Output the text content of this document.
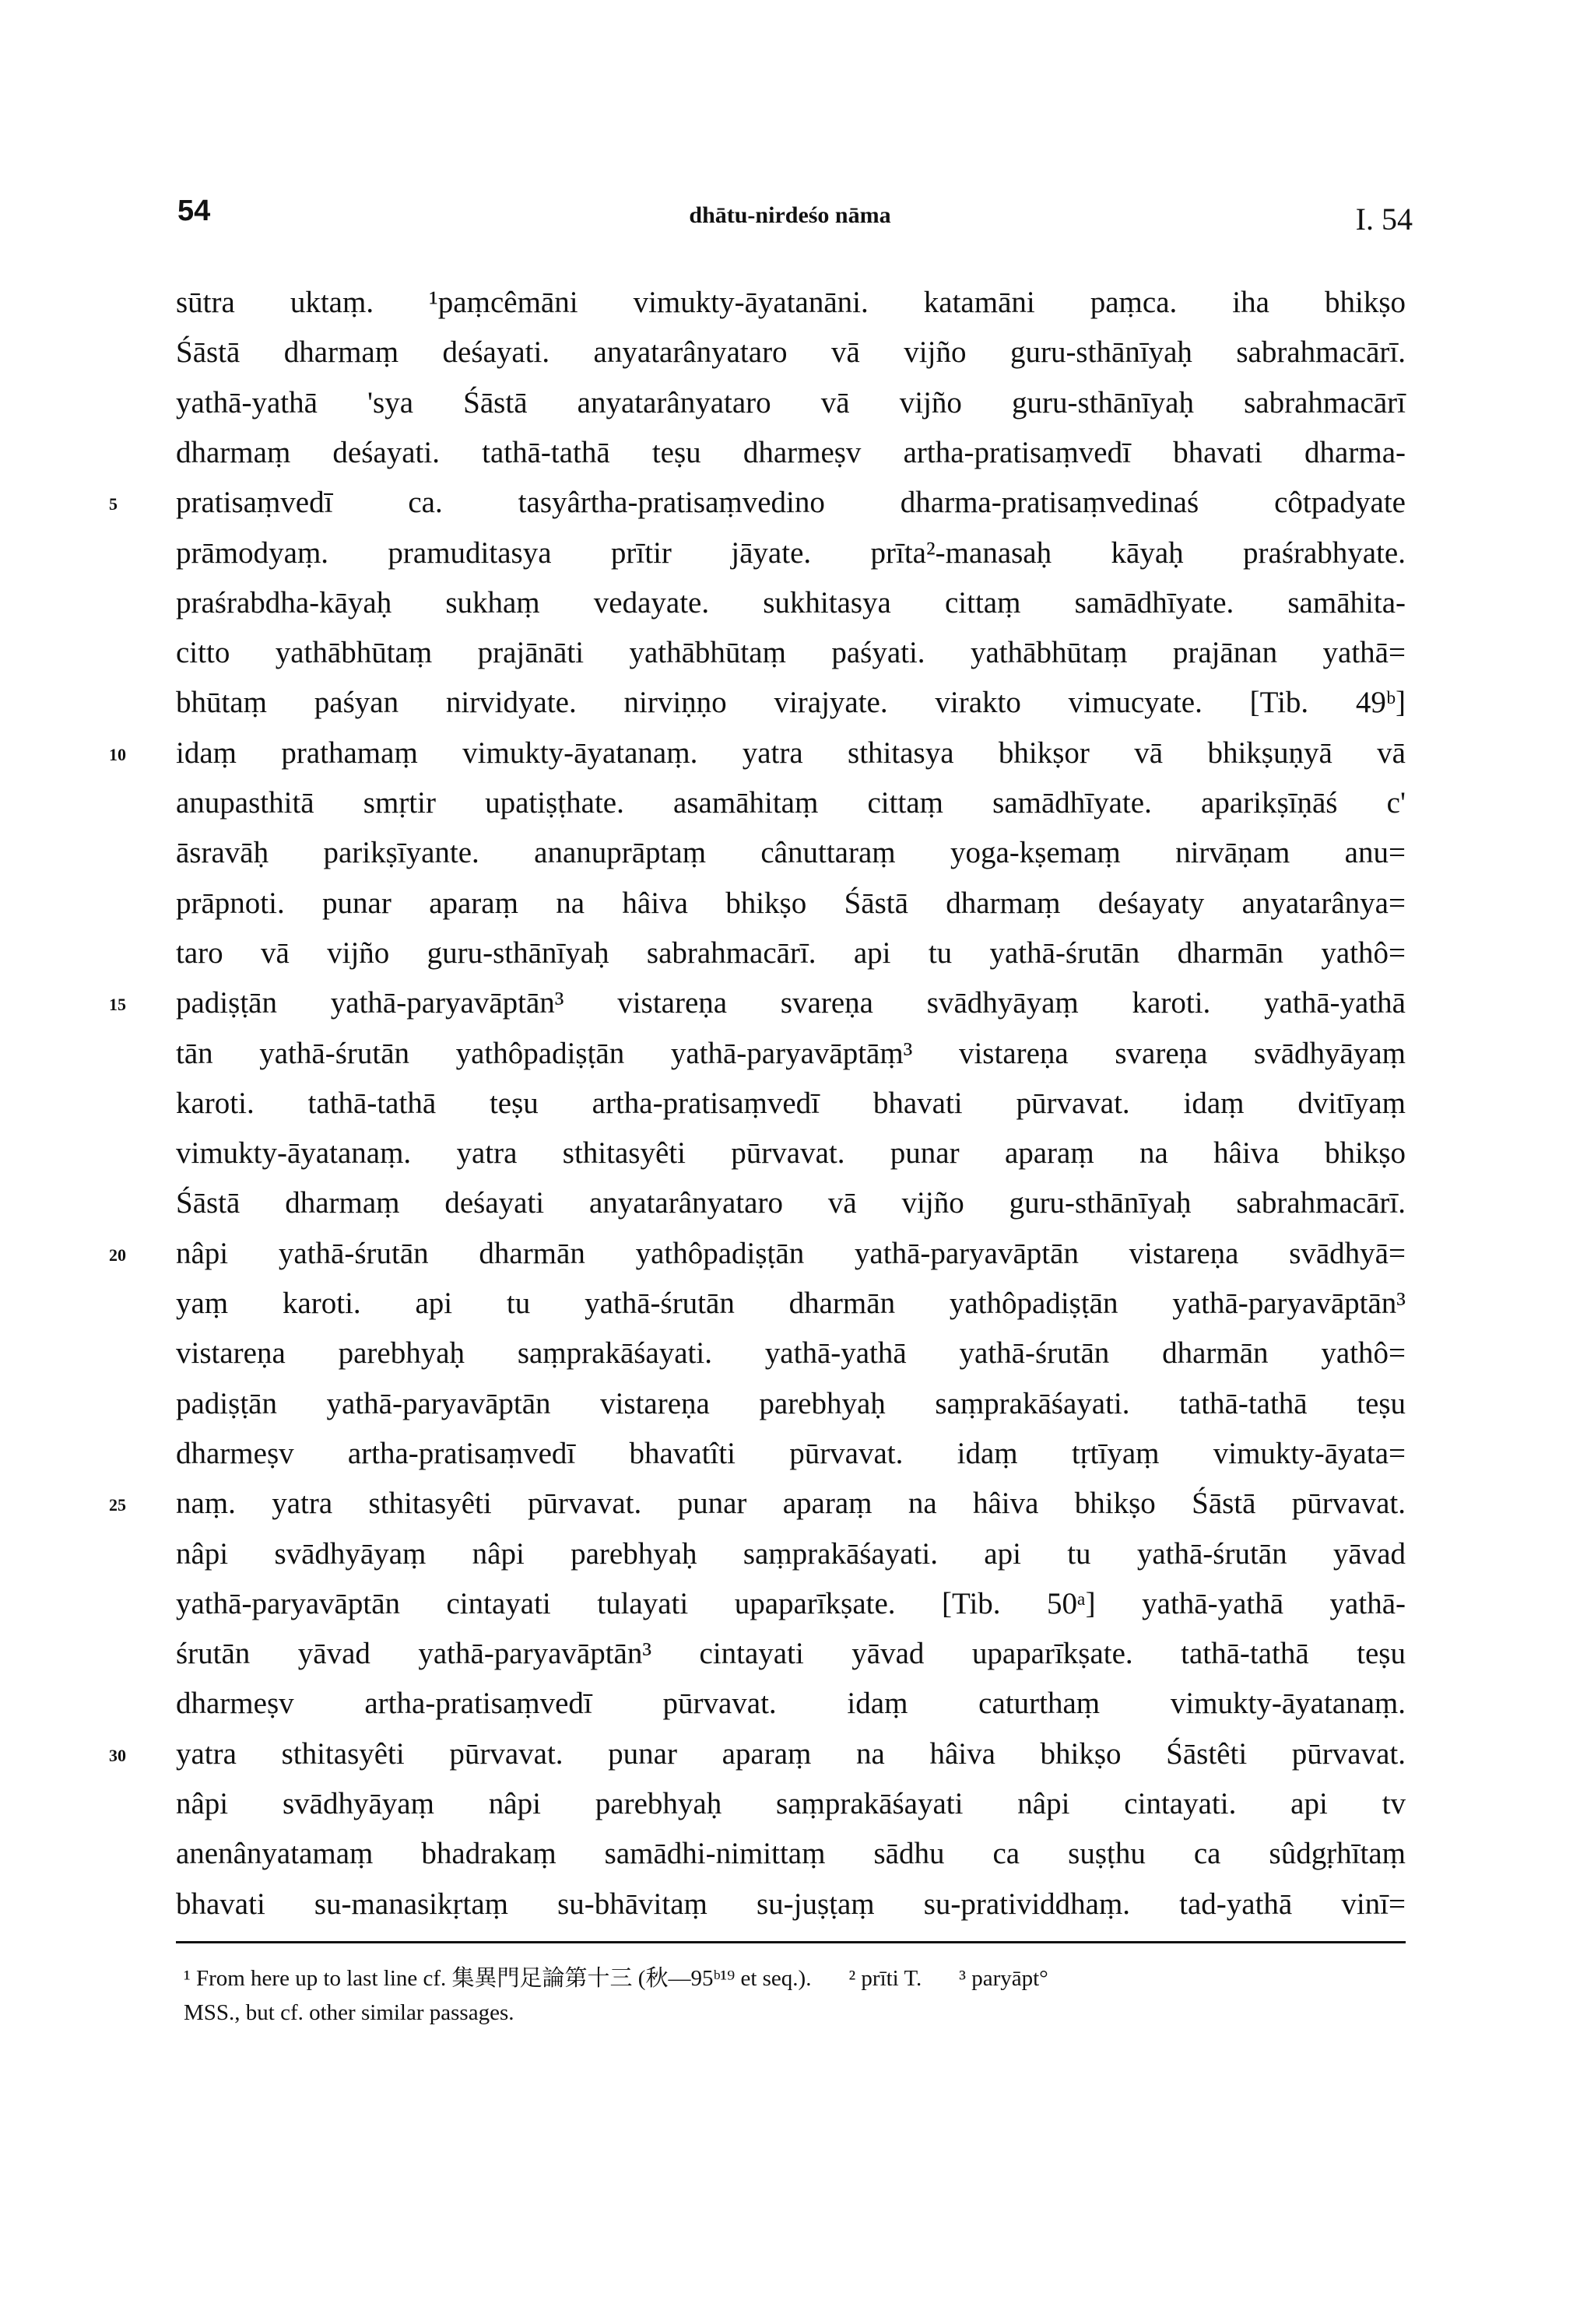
54	dhātu-nirdeśo nāma	I. 54
sūtra uktaṃ. ¹paṃcêmāni vimukty-āyatanāni. katamāni paṃca. iha bhikṣo
Śāstā dharmaṃ deśayati. anyatarânyataro vā vijño guru-sthānīyaḥ sabrahmacārī.
yathā-yathā 'sya Śāstā anyatarânyataro vā vijño guru-sthānīyaḥ sabrahmacārī
dharmaṃ deśayati. tathā-tathā teṣu dharmeṣv artha-pratisaṃvedī bhavati dharma-
pratisaṃvedī ca. tasyârtha-pratisaṃvedino dharma-pratisaṃvedinaś côtpadyate
prāmodyaṃ. pramuditasya prītir jāyate. prīta²-manasaḥ kāyaḥ praśrabhyate.
praśrabdha-kāyaḥ sukhaṃ vedayate. sukhitasya cittaṃ samādhīyate. samāhita-
citto yathābhūtaṃ prajānāti yathābhūtaṃ paśyati. yathābhūtaṃ prajānan yathā=
bhūtaṃ paśyan nirvidyate. nirviṇṇo virajyate. virakto vimucyate. [Tib. 49ᵇ]
idaṃ prathamaṃ vimukty-āyatanaṃ. yatra sthitasya bhikṣor vā bhikṣuṇyā vā
anupasthitā smṛtir upatiṣṭhate. asamāhitaṃ cittaṃ samādhīyate. aparikṣīṇāś c'
āsravāḥ parikṣīyante. ananuprāptaṃ cânuttaraṃ yoga-kṣemaṃ nirvāṇam anu=
prāpnoti. punar aparaṃ na hâiva bhikṣo Śāstā dharmaṃ deśayaty anyatarânya=
taro vā vijño guru-sthānīyaḥ sabrahmacārī. api tu yathā-śrutān dharmān yathô=
padiṣṭān yathā-paryavāptān³ vistareṇa svareṇa svādhyāyaṃ karoti. yathā-yathā
tān yathā-śrutān yathôpadiṣṭān yathā-paryavāptāṃ³ vistareṇa svareṇa svādhyāyaṃ
karoti. tathā-tathā teṣu artha-pratisaṃvedī bhavati pūrvavat. idaṃ dvitīyaṃ
vimukty-āyatanaṃ. yatra sthitasyêti pūrvavat. punar aparaṃ na hâiva bhikṣo
Śāstā dharmaṃ deśayati anyatarânyataro vā vijño guru-sthānīyaḥ sabrahmacārī.
nâpi yathā-śrutān dharmān yathôpadiṣṭān yathā-paryavāptān vistareṇa svādhyā=
yaṃ karoti. api tu yathā-śrutān dharmān yathôpadiṣṭān yathā-paryavāptān³
vistareṇa parebhyaḥ saṃprakāśayati. yathā-yathā yathā-śrutān dharmān yathô=
padiṣṭān yathā-paryavāptān vistareṇa parebhyaḥ saṃprakāśayati. tathā-tathā teṣu
dharmeṣv artha-pratisaṃvedī bhavatîti pūrvavat. idaṃ tṛtīyaṃ vimukty-āyata=
naṃ. yatra sthitasyêti pūrvavat. punar aparaṃ na hâiva bhikṣo Śāstā pūrvavat.
nâpi svādhyāyaṃ nâpi parebhyaḥ saṃprakāśayati. api tu yathā-śrutān yāvad
yathā-paryavāptān cintayati tulayati upaparīkṣate. [Tib. 50ᵃ] yathā-yathā yathā-
śrutān yāvad yathā-paryavāptān³ cintayati yāvad upaparīkṣate. tathā-tathā teṣu
dharmeṣv artha-pratisaṃvedī pūrvavat. idaṃ caturthaṃ vimukty-āyatanaṃ.
yatra sthitasyêti pūrvavat. punar aparaṃ na hâiva bhikṣo Śāstêti pūrvavat.
nâpi svādhyāyaṃ nâpi parebhyaḥ saṃprakāśayati nâpi cintayati. api tv
anenânyatamaṃ bhadrakaṃ samādhi-nimittaṃ sādhu ca suṣṭhu ca sûdgṛhītaṃ
bhavati su-manasikṛtaṃ su-bhāvitaṃ su-juṣṭaṃ su-pratividdhaṃ. tad-yathā vinī=
5
10
15
20
25
30
¹ From here up to last line cf. 集異門足論第十三 (秋—95ᵇ¹⁹ et seq.). ² prīti T. ³ paryāpt°
MSS., but cf. other similar passages.
